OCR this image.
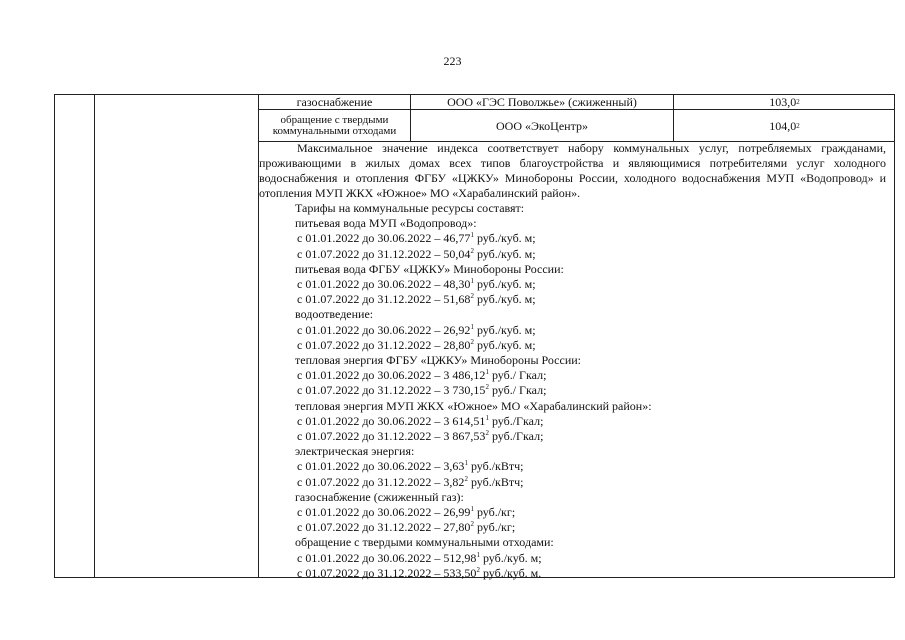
223
газоснабжение	ООО «ГЭС Поволжье» (сжиженный)	103,0 2
обращение с твердыми коммунальными отходами	ООО «ЭкоЦентр»	104,0 2

Максимальное значение индекса соответствует набору коммунальных услуг, потребляемых гражданами, проживающими в жилых домах всех типов благоустройства и являющимися потребителями услуг холодного водоснабжения и отопления ФГБУ «ЦЖКУ» Минобороны России, холодного водоснабжения МУП «Водопровод» и отопления МУП ЖКХ «Южное» МО «Харабалинский район».

Тарифы на коммунальные ресурсы составят:
питьевая вода МУП «Водопровод»:
с 01.01.2022 до 30.06.2022 – 46,77$^1$ руб./куб. м;
с 01.07.2022 до 31.12.2022 – 50,04$^2$ руб./куб. м;
питьевая вода ФГБУ «ЦЖКУ» Минобороны России:
с 01.01.2022 до 30.06.2022 – 48,30$^1$ руб./куб. м;
с 01.07.2022 до 31.12.2022 – 51,68$^2$ руб./куб. м;
водоотведение:
с 01.01.2022 до 30.06.2022 – 26,92$^1$ руб./куб. м;
с 01.07.2022 до 31.12.2022 – 28,80$^2$ руб./куб. м;
тепловая энергия ФГБУ «ЦЖКУ» Минобороны России:
с 01.01.2022 до 30.06.2022 – 3 486,12$^1$ руб./ Гкал;
с 01.07.2022 до 31.12.2022 – 3 730,15$^2$ руб./ Гкал;
тепловая энергия МУП ЖКХ «Южное» МО «Харабалинский район»:
с 01.01.2022 до 30.06.2022 – 3 614,51$^1$ руб./Гкал;
с 01.07.2022 до 31.12.2022 – 3 867,53$^2$ руб./Гкал;
электрическая энергия:
с 01.01.2022 до 30.06.2022 – 3,63$^1$ руб./кВтч;
с 01.07.2022 до 31.12.2022 – 3,82$^2$ руб./кВтч;
газоснабжение (сжиженный газ):
с 01.01.2022 до 30.06.2022 – 26,99$^1$ руб./кг;
с 01.07.2022 до 31.12.2022 – 27,80$^2$ руб./кг;
обращение с твердыми коммунальными отходами:
с 01.01.2022 до 30.06.2022 – 512,98$^1$ руб./куб. м;
с 01.07.2022 до 31.12.2022 – 533,50$^2$ руб./куб. м.
